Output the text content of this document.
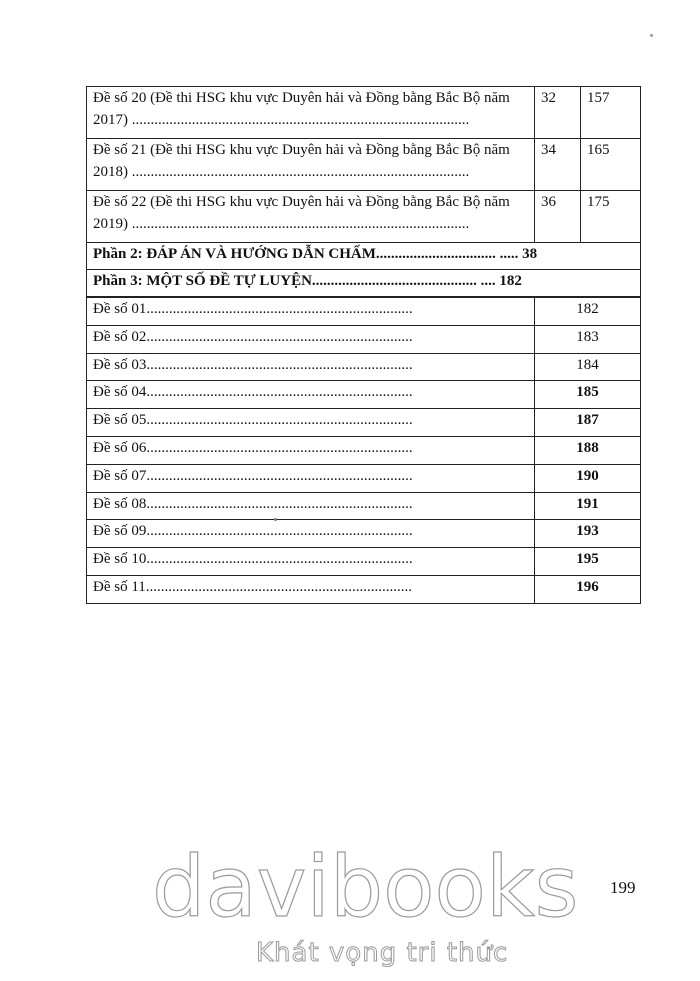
Đề số 20 (Đề thi HSG khu vực Duyên hải và Đồng bằng Bắc Bộ năm
2017) ..........................................................................................	32	157

Đề số 21 (Đề thi HSG khu vực Duyên hải và Đồng bằng Bắc Bộ năm
2018) ..........................................................................................	34	165

Đề số 22 (Đề thi HSG khu vực Duyên hải và Đồng bằng Bắc Bộ năm
2019) ..........................................................................................	36	175

Phần 2: ĐÁP ÁN VÀ HƯỚNG DẪN CHẤM................................ ..... 38		

Phần 3: MỘT SỐ ĐỀ TỰ LUYỆN............................................ .... 182		
Đề số 01.......................................................................	182

Đề số 02.......................................................................	183

Đề số 03.......................................................................	184

Đề số 04.......................................................................	185

Đề số 05.......................................................................	187

Đề số 06.......................................................................	188

Đề số 07.......................................................................	190

Đề số 08.......................................................................	191

Đề số 09.......................................................................	193

Đề số 10.......................................................................	195

Đề số 11.......................................................................	196
199
davibooks
Khát vọng tri thức
